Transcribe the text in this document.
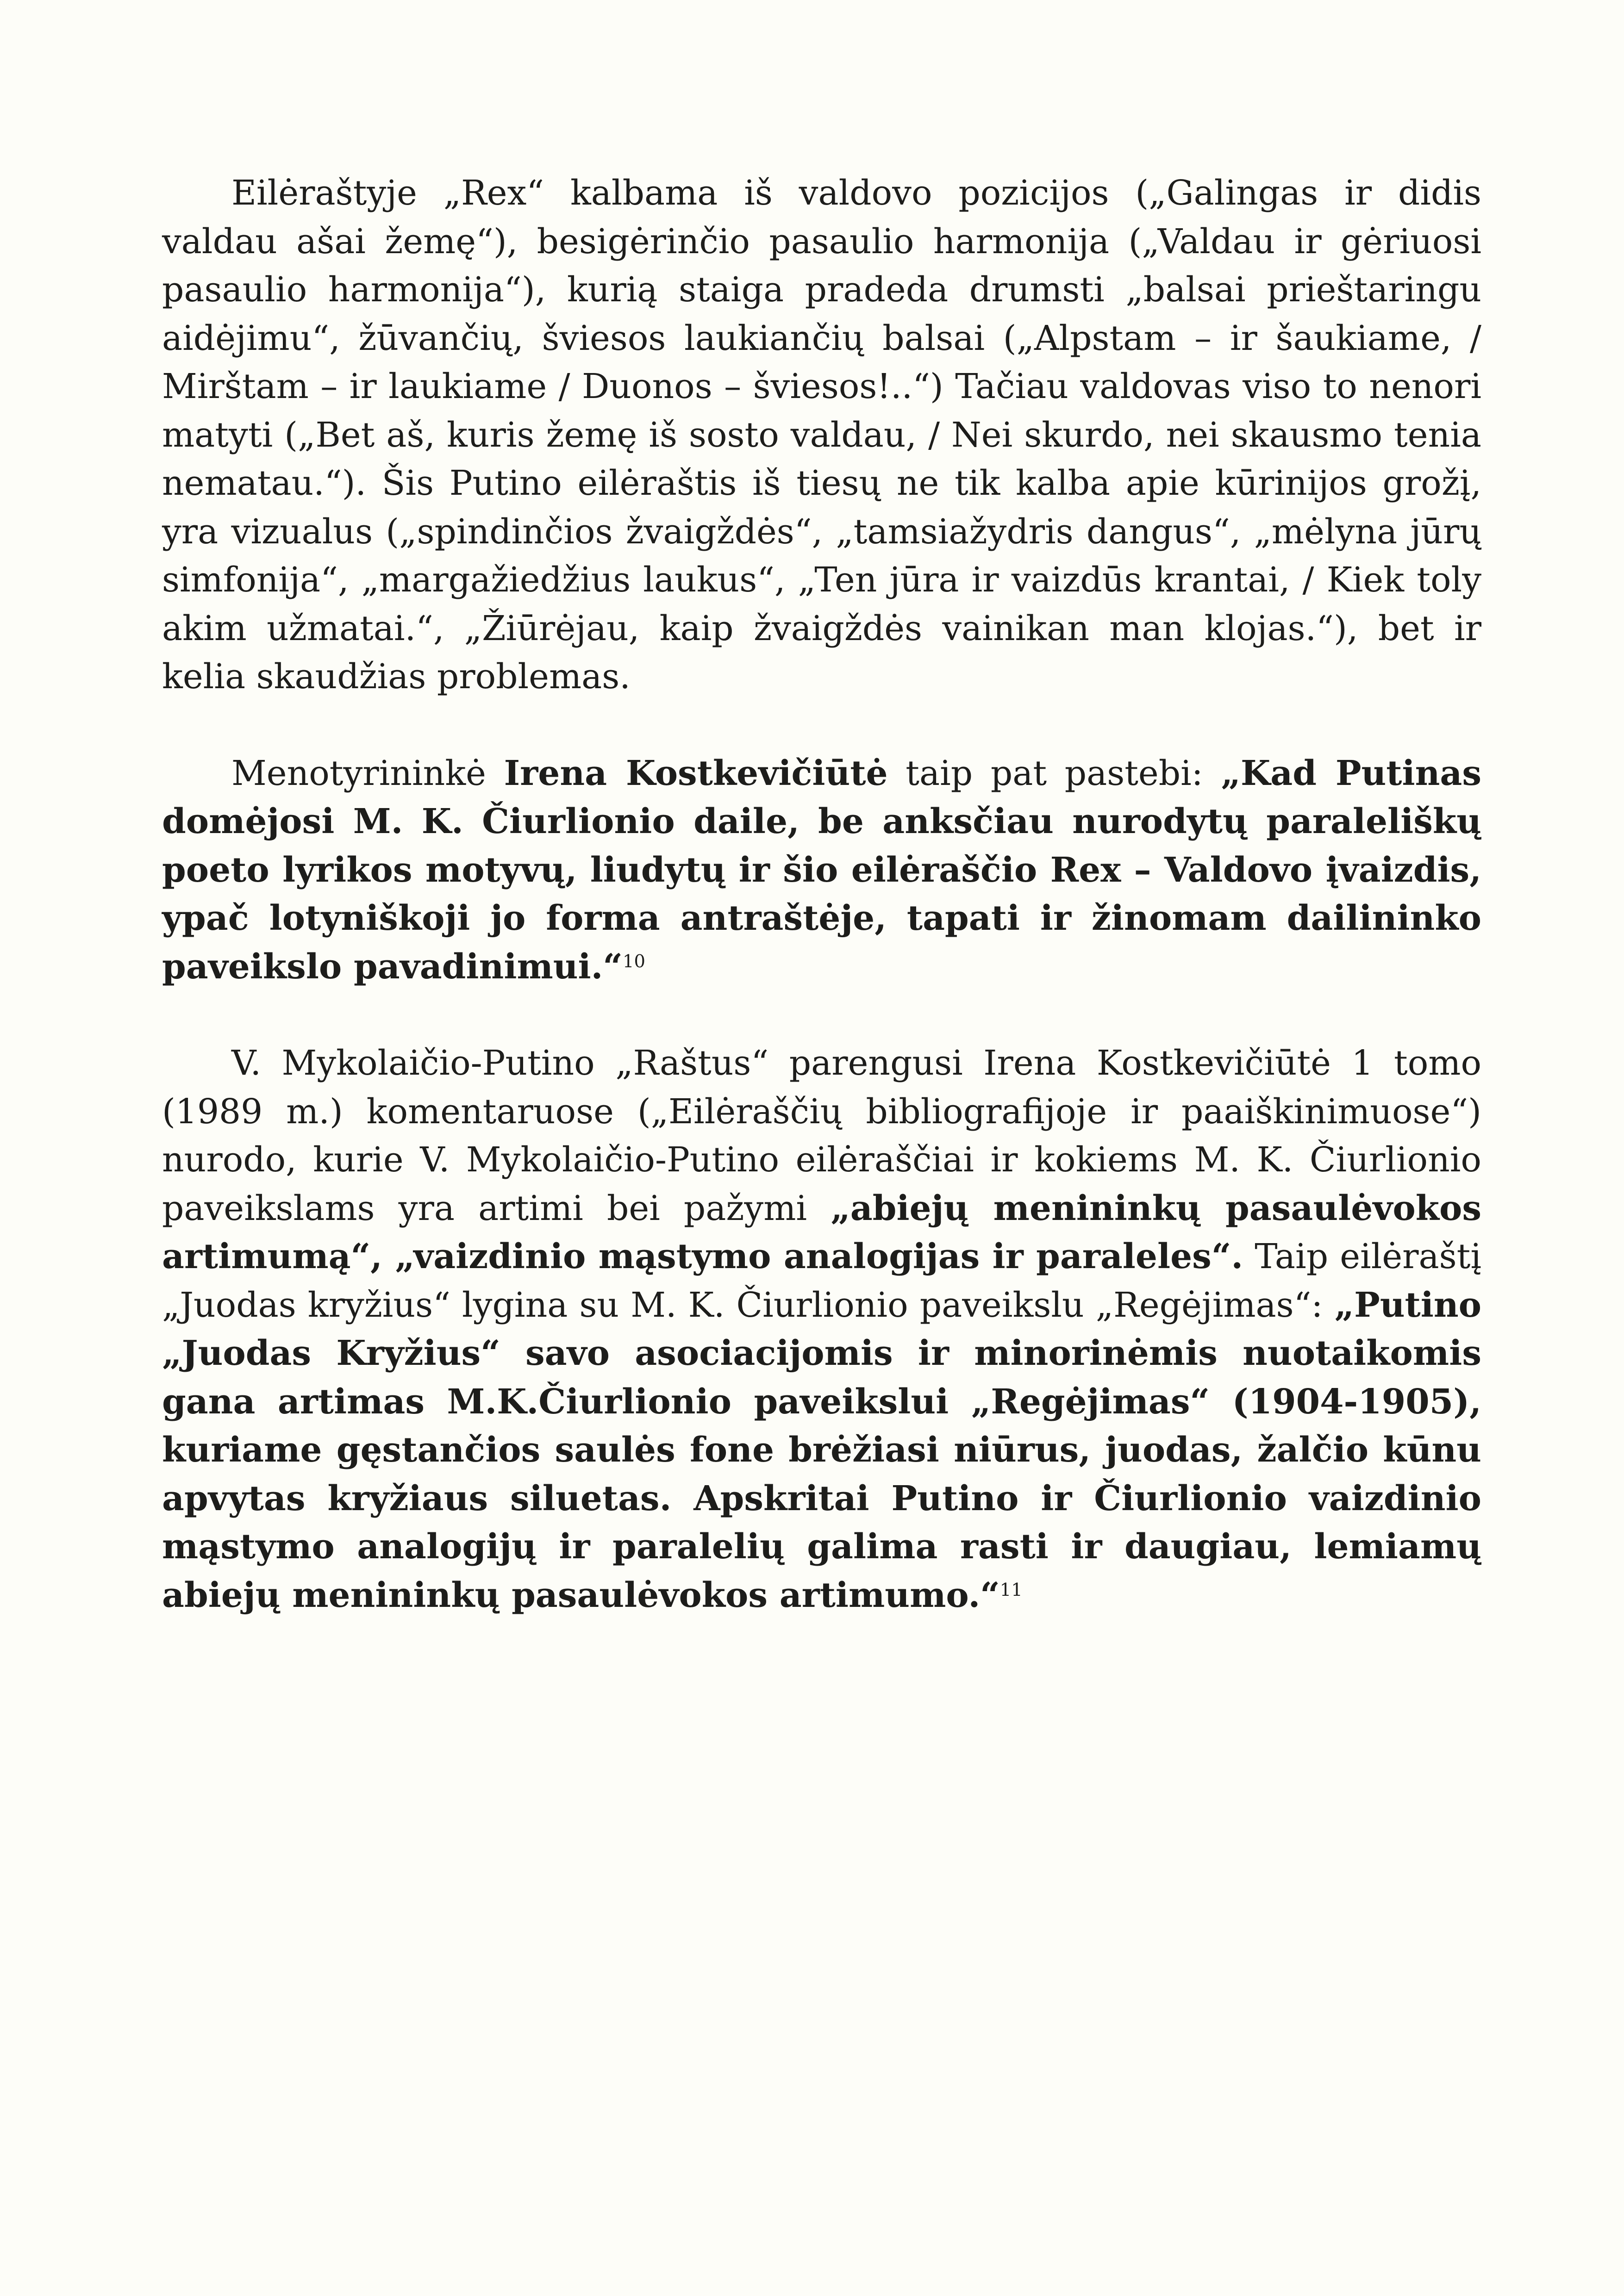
Eilėraštyje „Rex“ kalbama iš valdovo pozicijos („Galingas ir didis valdau ašai žemę“), besigėrinčio pasaulio harmonija („Valdau ir gėriuosi pasaulio harmonija“), kurią staiga pradeda drumsti „balsai prieštaringu aidėjimu“, žūvančių, šviesos laukiančių balsai („Alpstam – ir šaukiame, / Mirštam – ir laukiame / Duonos – šviesos!..“) Tačiau valdovas viso to nenori matyti („Bet aš, kuris žemę iš sosto valdau, / Nei skurdo, nei skausmo tenia nematau.“). Šis Putino eilėraštis iš tiesų ne tik kalba apie kūrinijos grožį, yra vizualus („spindinčios žvaigždės“, „tamsiažydris dangus“, „mėlyna jūrų simfonija“, „margažiedžius laukus“, „Ten jūra ir vaizdūs krantai, / Kiek toly akim užmatai.“, „Žiūrėjau, kaip žvaigždės vainikan man klojas.“), bet ir kelia skaudžias problemas.

Menotyrininkė Irena Kostkevičiūtė taip pat pastebi: „Kad Putinas domėjosi M. K. Čiurlionio daile, be anksčiau nurodytų paraleliškų poeto lyrikos motyvų, liudytų ir šio eilėraščio Rex – Valdovo įvaizdis, ypač lotyniškoji jo forma antraštėje, tapati ir žinomam dailininko paveikslo pavadinimui.“$^{10}$

V. Mykolaičio-Putino „Raštus“ parengusi Irena Kostkevičiūtė 1 tomo (1989 m.) komentaruose („Eilėraščių bibliografijoje ir paaiškinimuose“) nurodo, kurie V. Mykolaičio-Putino eilėraščiai ir kokiems M. K. Čiurlionio paveikslams yra artimi bei pažymi „abiejų menininkų pasaulėvokos artimumą“, „vaizdinio mąstymo analogijas ir paraleles“. Taip eilėraštį „Juodas kryžius“ lygina su M. K. Čiurlionio paveikslu „Regėjimas“: „Putino „Juodas Kryžius“ savo asociacijomis ir minorinėmis nuotaikomis gana artimas M.K.Čiurlionio paveikslui „Regėjimas“ (1904-1905), kuriame gęstančios saulės fone brėžiasi niūrus, juodas, žalčio kūnu apvytas kryžiaus siluetas. Apskritai Putino ir Čiurlionio vaizdinio mąstymo analogijų ir paralelių galima rasti ir daugiau, lemiamų abiejų menininkų pasaulėvokos artimumo.“$^{11}$
